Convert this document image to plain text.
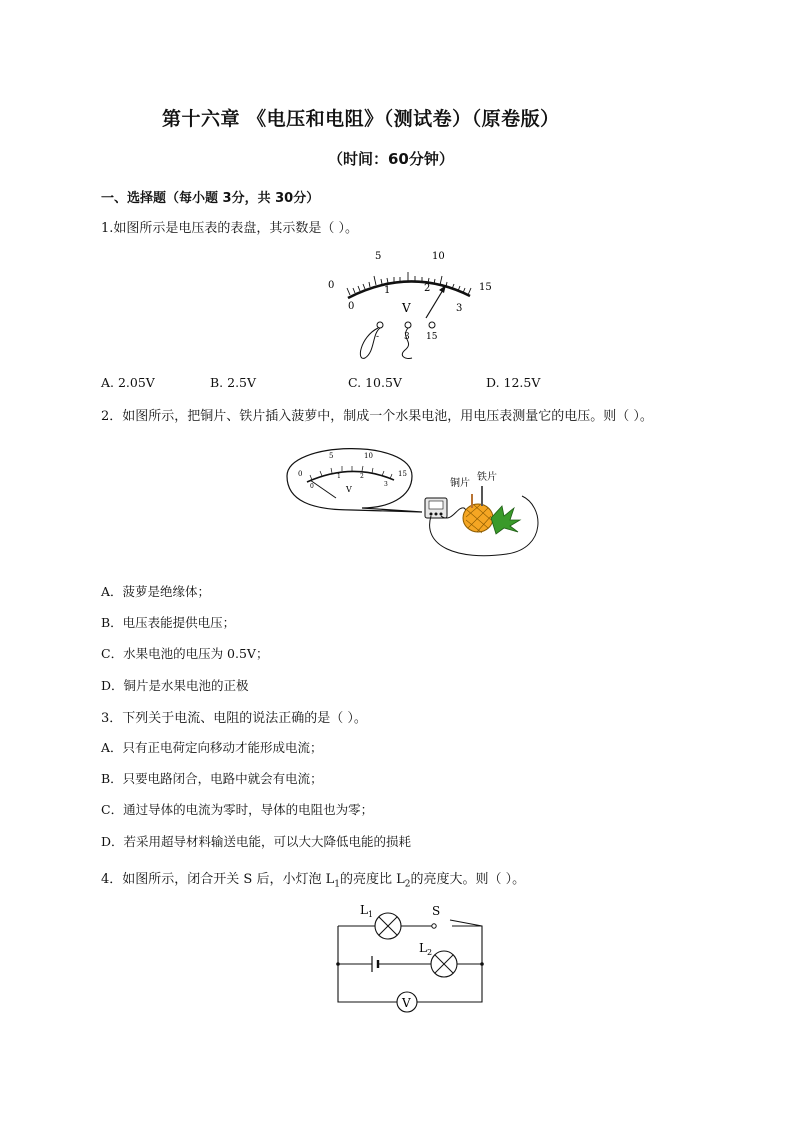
第十六章 《电压和电阻》（测试卷）（原卷版）
（时间：60分钟）
一、选择题（每小题 3分，共 30分）
1.如图所示是电压表的表盘，其示数是（ ）。
0
5	10
15
0
1	2
3
V
-	3 15
A. 2.05V	B. 2.5V	C. 10.5V	D. 12.5V
2．如图所示，把铜片、铁片插入菠萝中，制成一个水果电池，用电压表测量它的电压。则（ ）。
0
5	10
15
0
1	2
3
V
铜片
铁片
A．菠萝是绝缘体；
B．电压表能提供电压；
C．水果电池的电压为 0.5V；
D．铜片是水果电池的正极
3．下列关于电流、电阻的说法正确的是（ ）。
A．只有正电荷定向移动才能形成电流；
B．只要电路闭合，电路中就会有电流；
C．通过导体的电流为零时，导体的电阻也为零；
D．若采用超导材料输送电能，可以大大降低电能的损耗
4．如图所示，闭合开关 S 后，小灯泡 $L_1$的亮度比 $L_2$的亮度大。则（ ）。
$L_1$
$L_2$
S
V
